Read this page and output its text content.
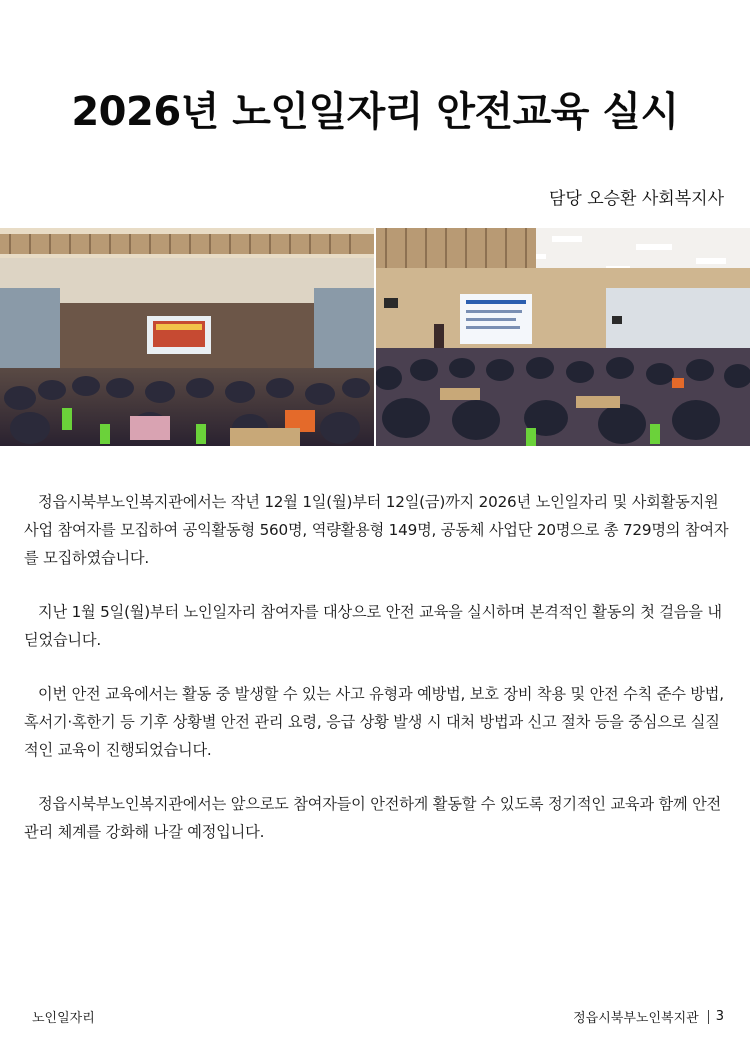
2026년 노인일자리 안전교육 실시
담당 오승환 사회복지사

정읍시북부노인복지관에서는 작년 12월 1일(월)부터 12일(금)까지 2026년 노인일자리 및 사회활동지원사업 참여자를 모집하여 공익활동형 560명, 역량활용형 149명, 공동체 사업단 20명으로 총 729명의 참여자를 모집하였습니다.

지난 1월 5일(월)부터 노인일자리 참여자를 대상으로 안전 교육을 실시하며 본격적인 활동의 첫 걸음을 내딛었습니다.

이번 안전 교육에서는 활동 중 발생할 수 있는 사고 유형과 예방법, 보호 장비 착용 및 안전 수칙 준수 방법, 혹서기·혹한기 등 기후 상황별 안전 관리 요령, 응급 상황 발생 시 대처 방법과 신고 절차 등을 중심으로 실질적인 교육이 진행되었습니다.

정읍시북부노인복지관에서는 앞으로도 참여자들이 안전하게 활동할 수 있도록 정기적인 교육과 함께 안전 관리 체계를 강화해 나갈 예정입니다.

노인일자리	정읍시북부노인복지관 3
